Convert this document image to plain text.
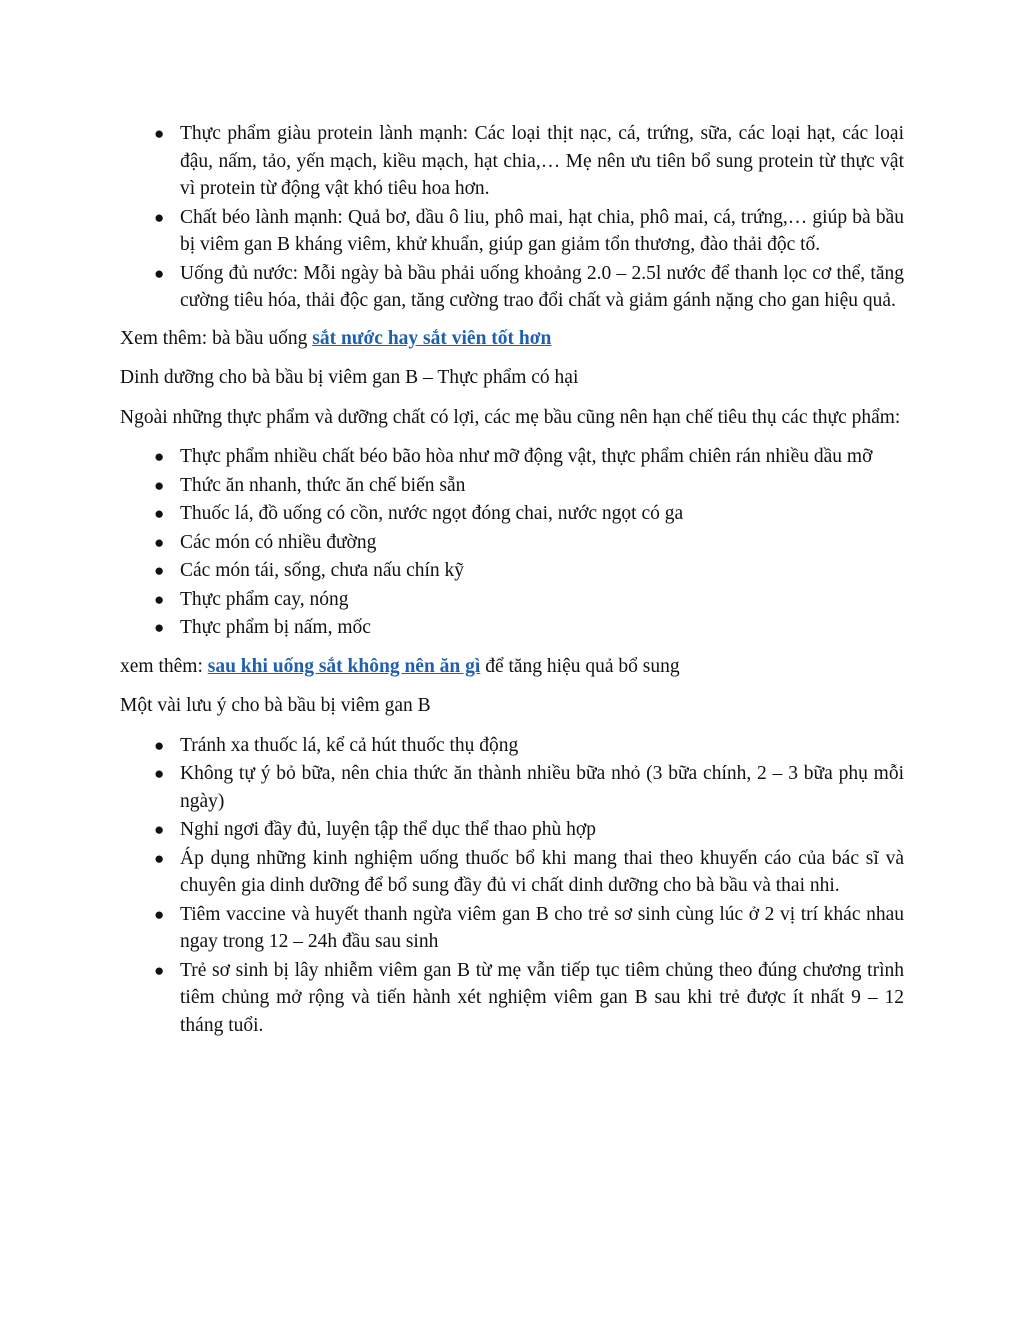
● Thực phẩm giàu protein lành mạnh: Các loại thịt nạc, cá, trứng, sữa, các loại hạt, các loại đậu, nấm, tảo, yến mạch, kiều mạch, hạt chia,… Mẹ nên ưu tiên bổ sung protein từ thực vật vì protein từ động vật khó tiêu hoa hơn.
● Chất béo lành mạnh: Quả bơ, dầu ô liu, phô mai, hạt chia, phô mai, cá, trứng,… giúp bà bầu bị viêm gan B kháng viêm, khử khuẩn, giúp gan giảm tổn thương, đào thải độc tố.
● Uống đủ nước: Mỗi ngày bà bầu phải uống khoảng 2.0 – 2.5l nước để thanh lọc cơ thể, tăng cường tiêu hóa, thải độc gan, tăng cường trao đổi chất và giảm gánh nặng cho gan hiệu quả.

Xem thêm: bà bầu uống sắt nước hay sắt viên tốt hơn

Dinh dưỡng cho bà bầu bị viêm gan B – Thực phẩm có hại

Ngoài những thực phẩm và dưỡng chất có lợi, các mẹ bầu cũng nên hạn chế tiêu thụ các thực phẩm:

● Thực phẩm nhiều chất béo bão hòa như mỡ động vật, thực phẩm chiên rán nhiều dầu mỡ
● Thức ăn nhanh, thức ăn chế biến sẵn
● Thuốc lá, đồ uống có cồn, nước ngọt đóng chai, nước ngọt có ga
● Các món có nhiều đường
● Các món tái, sống, chưa nấu chín kỹ
● Thực phẩm cay, nóng
● Thực phẩm bị nấm, mốc

xem thêm: sau khi uống sắt không nên ăn gì để tăng hiệu quả bổ sung

Một vài lưu ý cho bà bầu bị viêm gan B

● Tránh xa thuốc lá, kể cả hút thuốc thụ động
● Không tự ý bỏ bữa, nên chia thức ăn thành nhiều bữa nhỏ (3 bữa chính, 2 – 3 bữa phụ mỗi ngày)
● Nghỉ ngơi đầy đủ, luyện tập thể dục thể thao phù hợp
● Áp dụng những kinh nghiệm uống thuốc bổ khi mang thai theo khuyến cáo của bác sĩ và chuyên gia dinh dưỡng để bổ sung đầy đủ vi chất dinh dưỡng cho bà bầu và thai nhi.
● Tiêm vaccine và huyết thanh ngừa viêm gan B cho trẻ sơ sinh cùng lúc ở 2 vị trí khác nhau ngay trong 12 – 24h đầu sau sinh
● Trẻ sơ sinh bị lây nhiễm viêm gan B từ mẹ vẫn tiếp tục tiêm chủng theo đúng chương trình tiêm chủng mở rộng và tiến hành xét nghiệm viêm gan B sau khi trẻ được ít nhất 9 – 12 tháng tuổi.
